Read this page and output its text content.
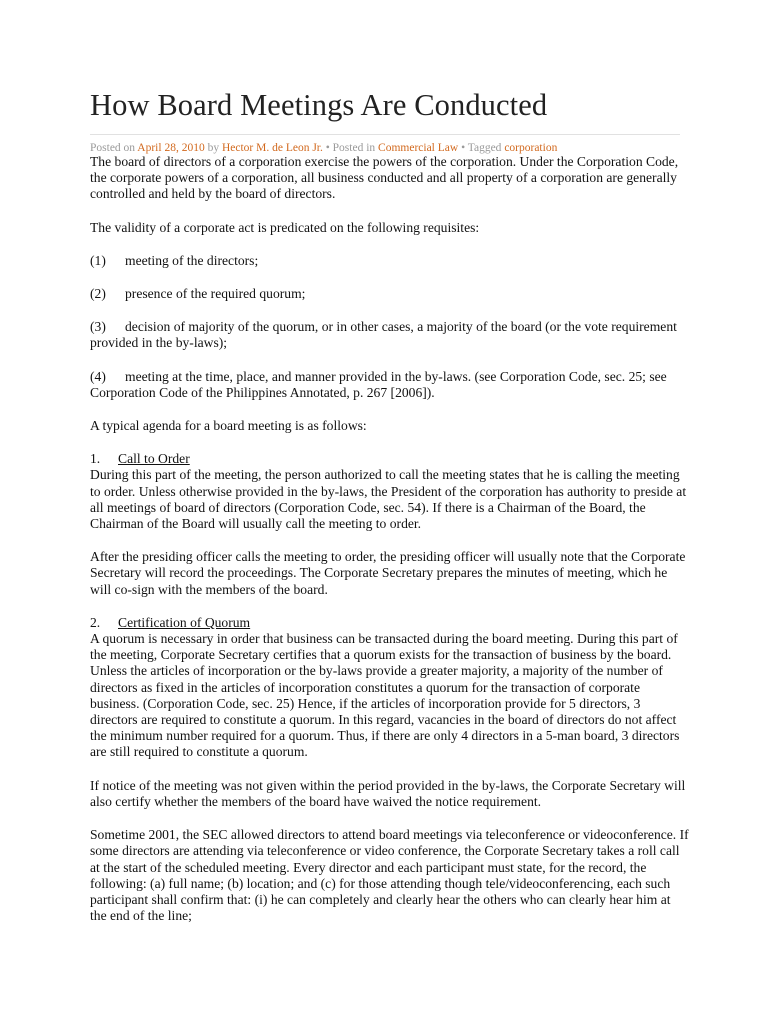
How Board Meetings Are Conducted
Posted on April 28, 2010 by Hector M. de Leon Jr. • Posted in Commercial Law • Tagged corporation

The board of directors of a corporation exercise the powers of the corporation. Under the Corporation Code, the corporate powers of a corporation, all business conducted and all property of a corporation are generally controlled and held by the board of directors.

The validity of a corporate act is predicated on the following requisites:

(1) meeting of the directors;

(2) presence of the required quorum;

(3) decision of majority of the quorum, or in other cases, a majority of the board (or the vote requirement provided in the by-laws);

(4) meeting at the time, place, and manner provided in the by-laws. (see Corporation Code, sec. 25; see Corporation Code of the Philippines Annotated, p. 267 [2006]).

A typical agenda for a board meeting is as follows:

1. Call to Order

During this part of the meeting, the person authorized to call the meeting states that he is calling the meeting to order. Unless otherwise provided in the by-laws, the President of the corporation has authority to preside at all meetings of board of directors (Corporation Code, sec. 54). If there is a Chairman of the Board, the Chairman of the Board will usually call the meeting to order.

After the presiding officer calls the meeting to order, the presiding officer will usually note that the Corporate Secretary will record the proceedings. The Corporate Secretary prepares the minutes of meeting, which he will co-sign with the members of the board.

2. Certification of Quorum

A quorum is necessary in order that business can be transacted during the board meeting. During this part of the meeting, Corporate Secretary certifies that a quorum exists for the transaction of business by the board. Unless the articles of incorporation or the by-laws provide a greater majority, a majority of the number of directors as fixed in the articles of incorporation constitutes a quorum for the transaction of corporate business. (Corporation Code, sec. 25) Hence, if the articles of incorporation provide for 5 directors, 3 directors are required to constitute a quorum. In this regard, vacancies in the board of directors do not affect the minimum number required for a quorum. Thus, if there are only 4 directors in a 5-man board, 3 directors are still required to constitute a quorum.

If notice of the meeting was not given within the period provided in the by-laws, the Corporate Secretary will also certify whether the members of the board have waived the notice requirement.

Sometime 2001, the SEC allowed directors to attend board meetings via teleconference or videoconference. If some directors are attending via teleconference or video conference, the Corporate Secretary takes a roll call at the start of the scheduled meeting. Every director and each participant must state, for the record, the following: (a) full name; (b) location; and (c) for those attending though tele/videoconferencing, each such participant shall confirm that: (i) he can completely and clearly hear the others who can clearly hear him at the end of the line;
